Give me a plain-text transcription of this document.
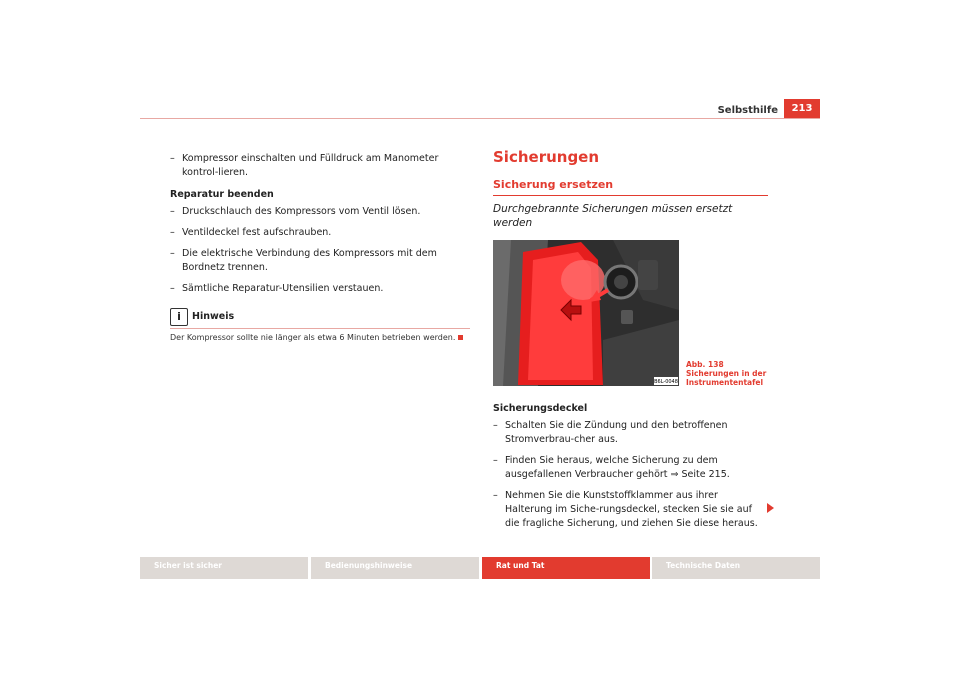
Selbsthilfe	213
– Kompressor einschalten und Fülldruck am Manometer kontrol-lieren.
Reparatur beenden
– Druckschlauch des Kompressors vom Ventil lösen.
– Ventildeckel fest aufschrauben.
– Die elektrische Verbindung des Kompressors mit dem Bordnetz trennen.
– Sämtliche Reparatur-Utensilien verstauen.
i	Hinweis
Der Kompressor sollte nie länger als etwa 6 Minuten betrieben werden.
Sicherungen
Sicherung ersetzen
Durchgebrannte Sicherungen müssen ersetzt werden
B6L-0048
Sicherungsdeckel
– Schalten Sie die Zündung und den betroffenen Stromverbrau-cher aus.
– Finden Sie heraus, welche Sicherung zu dem ausgefallenen Verbraucher gehört ⇒ Seite 215.
– Nehmen Sie die Kunststoffklammer aus ihrer Halterung im Siche-rungsdeckel, stecken Sie sie auf die fragliche Sicherung, und ziehen Sie diese heraus.
Abb. 138 Sicherungen in der Instrumententafel
Sicher ist sicher	Bedienungshinweise	Rat und Tat	Technische Daten
